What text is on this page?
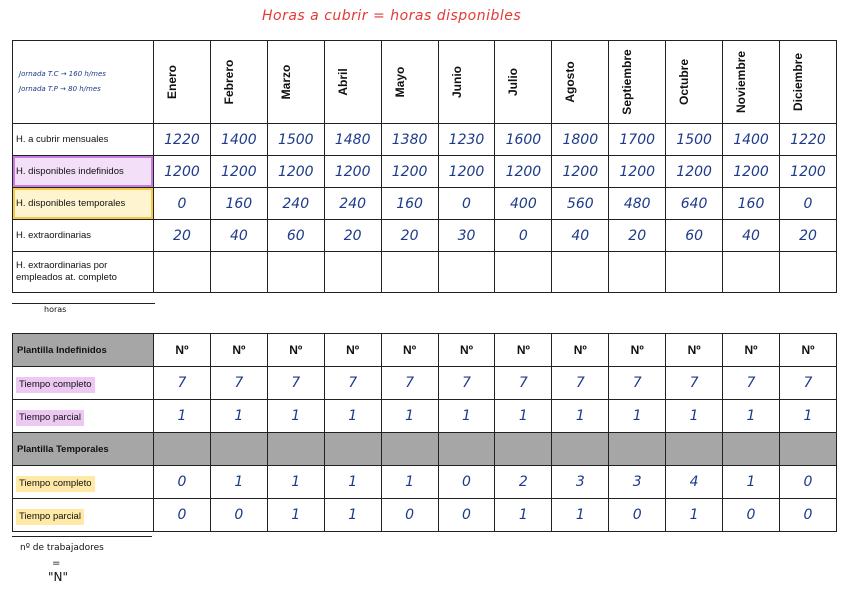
Horas a cubrir = horas disponibles
Jornada T.C → 160 h/mes
Jornada T.P → 80 h/mes	Enero	Febrero	Marzo	Abril	Mayo	Junio	Julio	Agosto	Septiembre	Octubre	Noviembre	Diciembre

H. a cubrir mensuales	1220	1400	1500	1480	1380	1230	1600	1800	1700	1500	1400	1220

H. disponibles indefinidos	1200	1200	1200	1200	1200	1200	1200	1200	1200	1200	1200	1200

H. disponibles temporales	0	160	240	240	160	0	400	560	480	640	160	0

H. extraordinarias	20	40	60	20	20	30	0	40	20	60	40	20

H. extraordinarias por empleados at. completo												

horas
Plantilla Indefinidos	Nº	Nº	Nº	Nº	Nº	Nº	Nº	Nº	Nº	Nº	Nº	Nº
Tiempo completo	7	7	7	7	7	7	7	7	7	7	7	7
Tiempo parcial	1	1	1	1	1	1	1	1	1	1	1	1
Plantilla Temporales												
Tiempo completo	0	1	1	1	1	0	2	3	3	4	1	0
Tiempo parcial	0	0	1	1	0	0	1	1	0	1	0	0
nº de trabajadores
=
"N"
